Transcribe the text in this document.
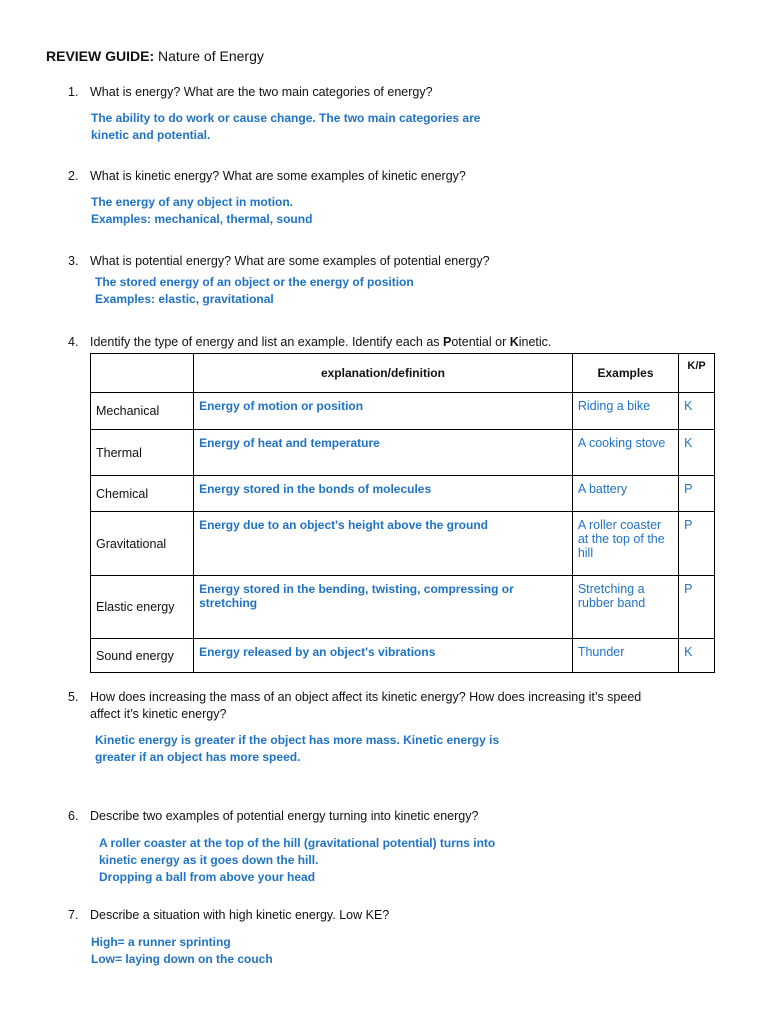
REVIEW GUIDE: Nature of Energy
1. What is energy? What are the two main categories of energy?
The ability to do work or cause change. The two main categories are
kinetic and potential.
2. What is kinetic energy? What are some examples of kinetic energy?
The energy of any object in motion.
Examples: mechanical, thermal, sound
3. What is potential energy? What are some examples of potential energy?
The stored energy of an object or the energy of position
Examples: elastic, gravitational
4. Identify the type of energy and list an example. Identify each as Potential or Kinetic.
	explanation/definition	Examples	K/P
Mechanical	Energy of motion or position	Riding a bike	K
Thermal	Energy of heat and temperature	A cooking stove	K
Chemical	Energy stored in the bonds of molecules	A battery	P
Gravitational	Energy due to an object's height above the ground	A roller coaster at the top of the hill	P
Elastic energy	Energy stored in the bending, twisting, compressing or stretching	Stretching a rubber band	P
Sound energy	Energy released by an object's vibrations	Thunder	K
5. How does increasing the mass of an object affect its kinetic energy? How does increasing it’s speed
affect it’s kinetic energy?
Kinetic energy is greater if the object has more mass. Kinetic energy is
greater if an object has more speed.
6. Describe two examples of potential energy turning into kinetic energy?
A roller coaster at the top of the hill (gravitational potential) turns into
kinetic energy as it goes down the hill.
Dropping a ball from above your head
7. Describe a situation with high kinetic energy. Low KE?
High= a runner sprinting
Low= laying down on the couch
